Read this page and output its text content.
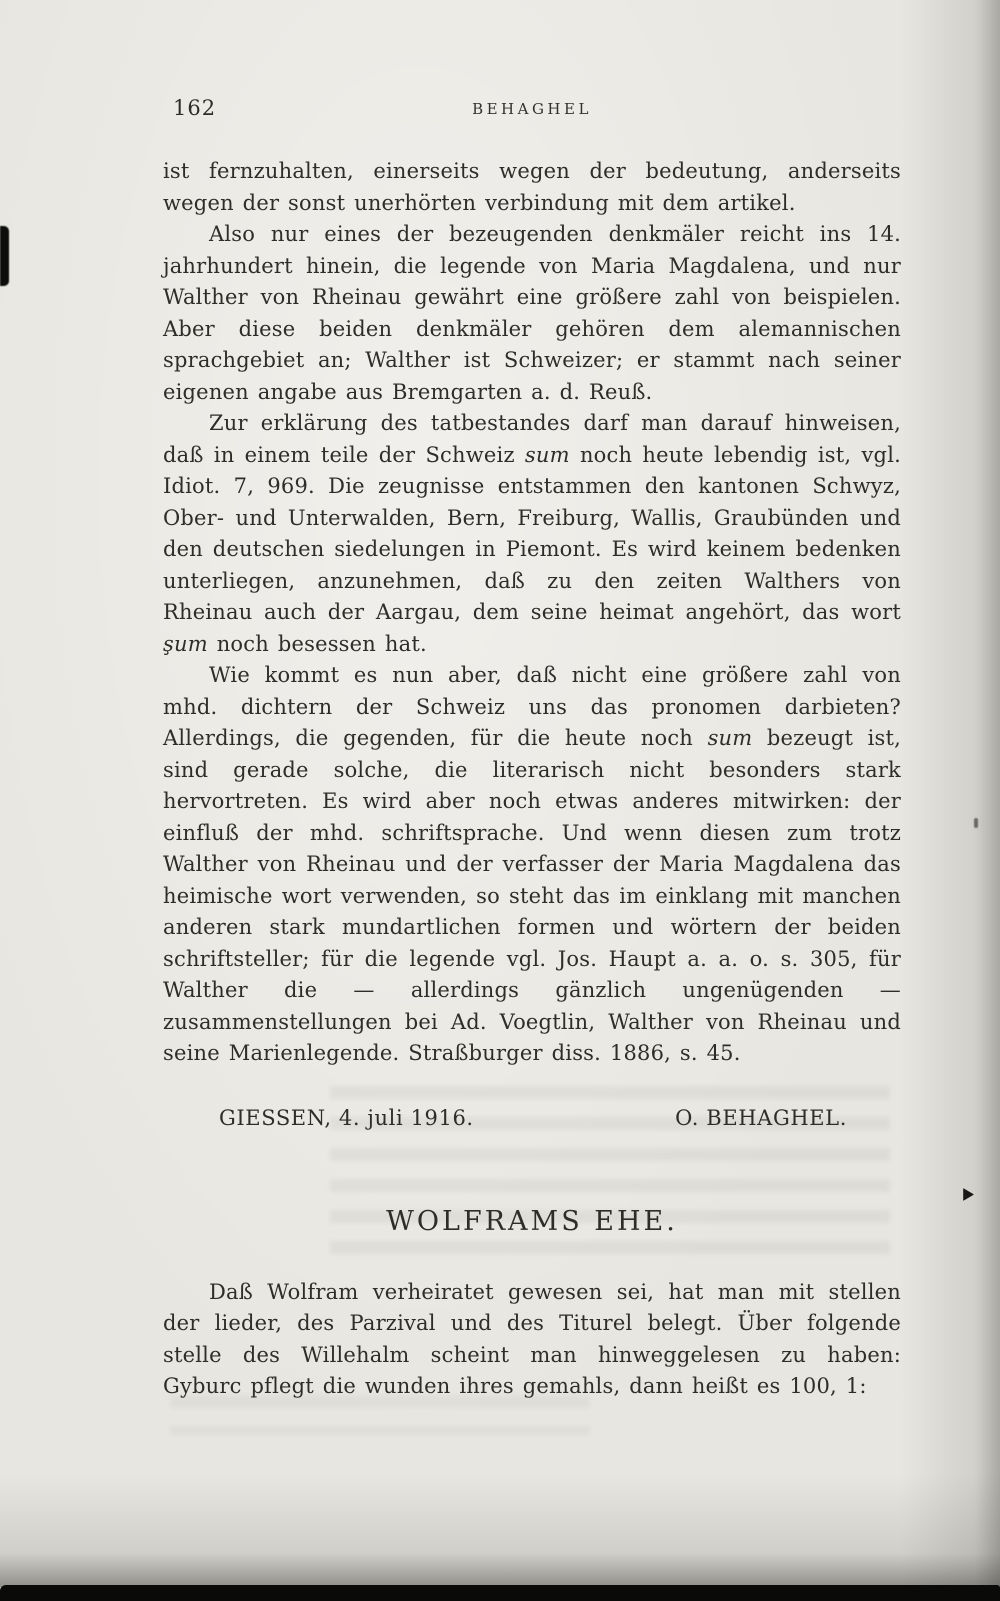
162	BEHAGHEL

ist fernzuhalten, einerseits wegen der bedeutung, anderseits wegen der sonst unerhörten verbindung mit dem artikel.

Also nur eines der bezeugenden denkmäler reicht ins 14. jahrhundert hinein, die legende von Maria Magdalena, und nur Walther von Rheinau gewährt eine größere zahl von beispielen. Aber diese beiden denkmäler gehören dem alemannischen sprachgebiet an; Walther ist Schweizer; er stammt nach seiner eigenen angabe aus Bremgarten a. d. Reuß.

Zur erklärung des tatbestandes darf man darauf hinweisen, daß in einem teile der Schweiz sum noch heute lebendig ist, vgl. Idiot. 7, 969. Die zeugnisse entstammen den kantonen Schwyz, Ober- und Unterwalden, Bern, Freiburg, Wallis, Graubünden und den deutschen siedelungen in Piemont. Es wird keinem bedenken unterliegen, anzunehmen, daß zu den zeiten Walthers von Rheinau auch der Aargau, dem seine heimat angehört, das wort şum noch besessen hat.

Wie kommt es nun aber, daß nicht eine größere zahl von mhd. dichtern der Schweiz uns das pronomen darbieten? Allerdings, die gegenden, für die heute noch sum bezeugt ist, sind gerade solche, die literarisch nicht besonders stark hervortreten. Es wird aber noch etwas anderes mitwirken: der einfluß der mhd. schriftsprache. Und wenn diesen zum trotz Walther von Rheinau und der verfasser der Maria Magdalena das heimische wort verwenden, so steht das im einklang mit manchen anderen stark mundartlichen formen und wörtern der beiden schriftsteller; für die legende vgl. Jos. Haupt a. a. o. s. 305, für Walther die — allerdings gänzlich ungenügenden — zusammenstellungen bei Ad. Voegtlin, Walther von Rheinau und seine Marienlegende. Straßburger diss. 1886, s. 45.

GIESSEN, 4. juli 1916.	O. BEHAGHEL.
WOLFRAMS EHE.

Daß Wolfram verheiratet gewesen sei, hat man mit stellen der lieder, des Parzival und des Titurel belegt. Über folgende stelle des Willehalm scheint man hinweggelesen zu haben: Gyburc pflegt die wunden ihres gemahls, dann heißt es 100, 1:
